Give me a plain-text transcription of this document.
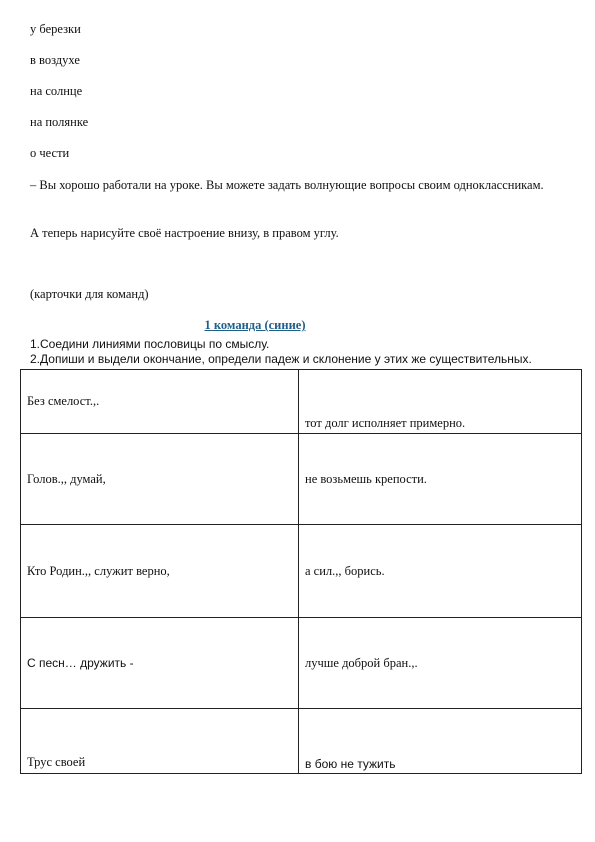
у березки

в воздухе

на солнце

на полянке

о чести

– Вы хорошо работали на уроке. Вы можете задать волнующие вопросы своим одноклассникам.

А теперь нарисуйте своё настроение внизу, в правом углу.

(карточки для команд)

1 команда (синие)

1.Соедини линиями пословицы по смыслу.

2.Допиши и выдели окончание, определи падеж и склонение у этих же существительных.

Без смелост.,.	тот долг исполняет примерно.
Голов.,, думай,	не возьмешь крепости.
Кто Родин.,, служит верно,	а сил.,, борись.
С песн… дружить -	лучше доброй бран.,.
Трус своей	в бою не тужить
